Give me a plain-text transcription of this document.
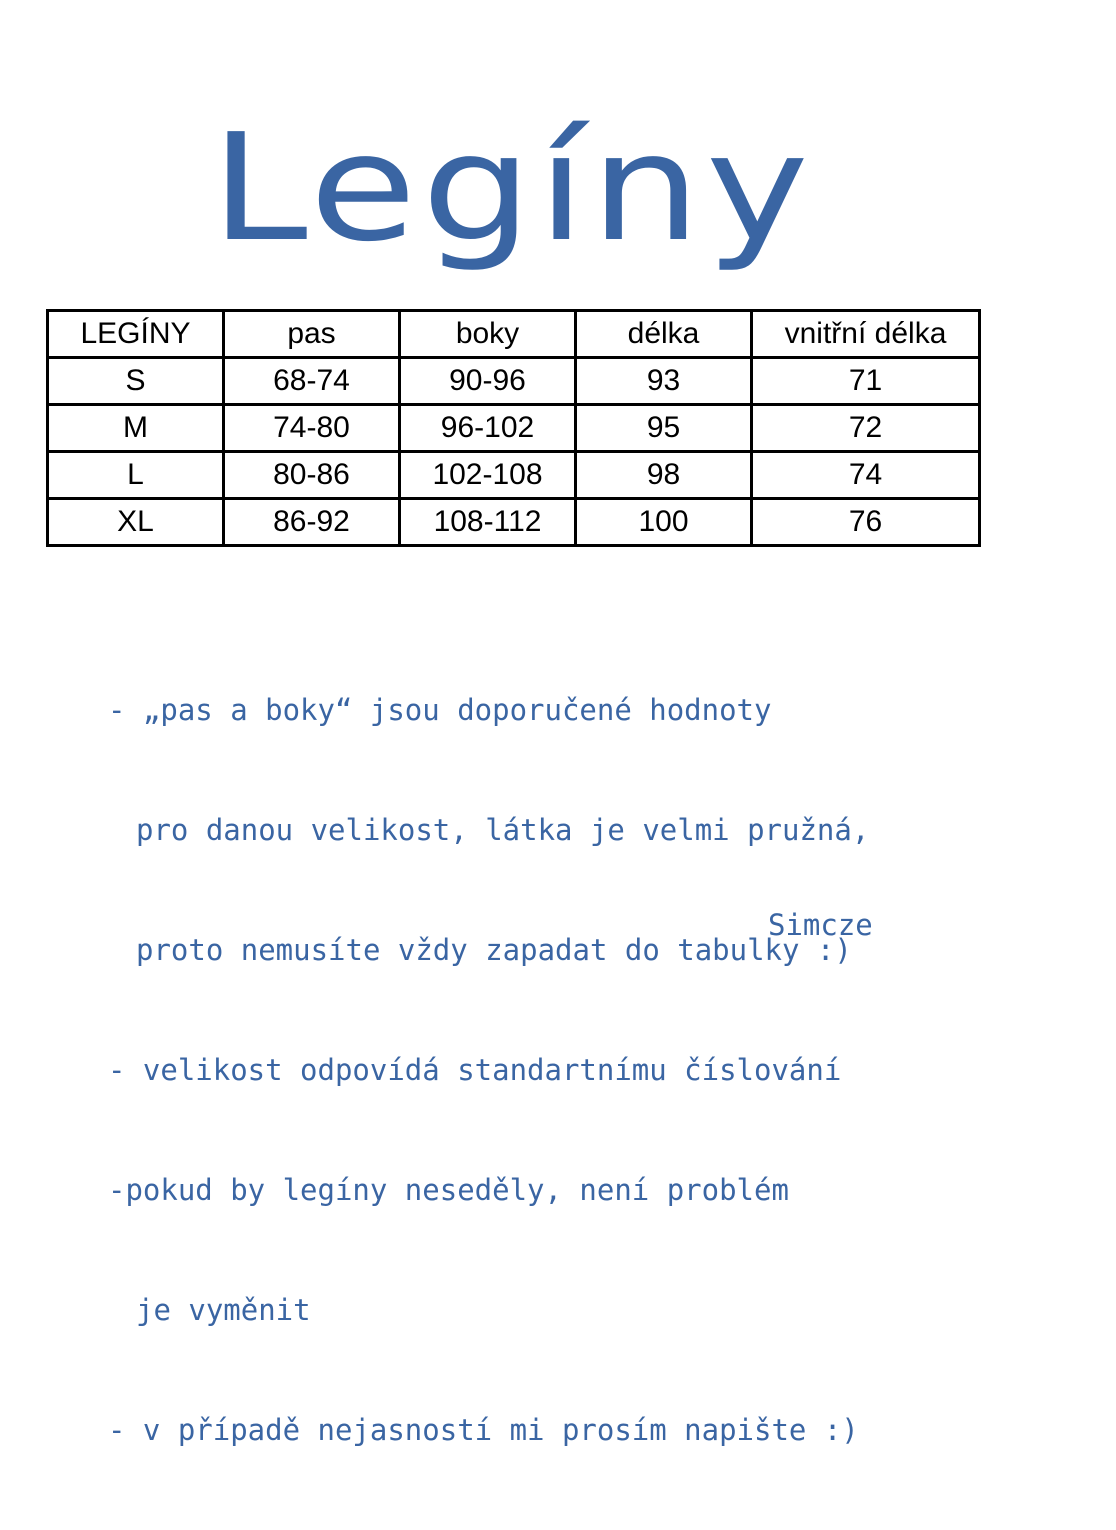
Legíny
LEGÍNY	pas	boky	délka	vnitřní délka
S	68-74	90-96	93	71
M	74-80	96-102	95	72
L	80-86	102-108	98	74
XL	86-92	108-112	100	76

- „pas a boky“ jsou doporučené hodnoty

pro danou velikost, látka je velmi pružná,

proto nemusíte vždy zapadat do tabulky :)

- velikost odpovídá standartnímu číslování

-pokud by legíny neseděly, není problém

je vyměnit

- v případě nejasností mi prosím napište :)

Simcze
